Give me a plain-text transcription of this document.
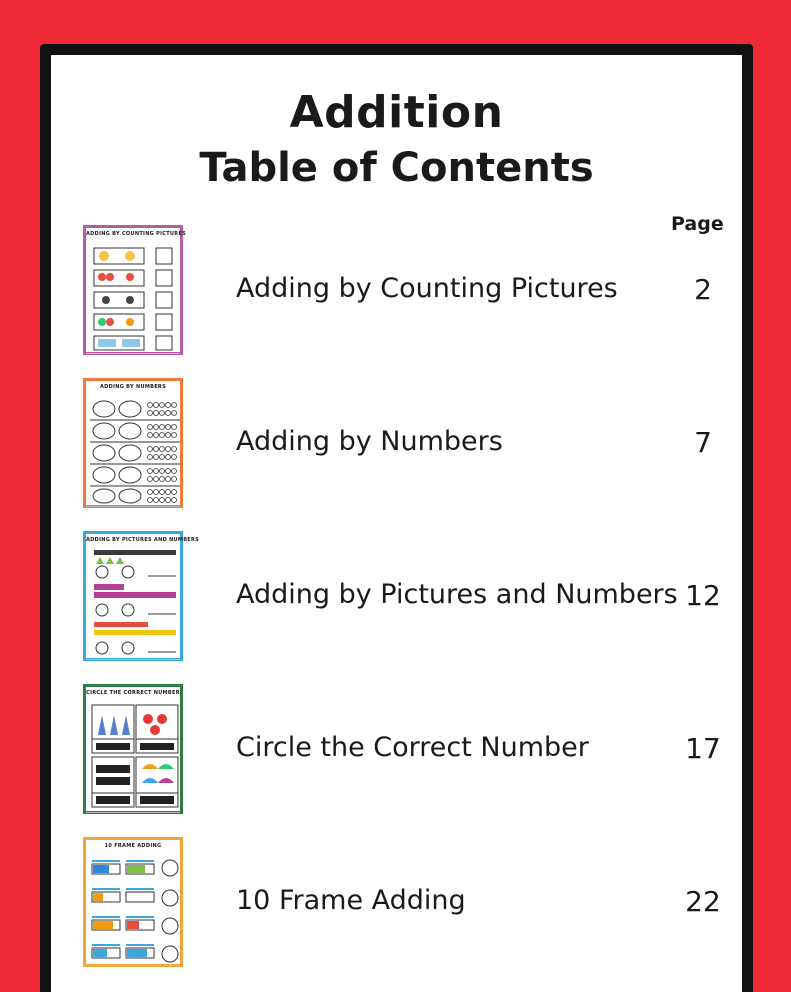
Addition
Table of Contents
Page
ADDING BY COUNTING PICTURES
Adding by Counting Pictures	2
ADDING BY NUMBERS
Adding by Numbers	7
ADDING BY PICTURES AND NUMBERS
Adding by Pictures and Numbers 12
CIRCLE THE CORRECT NUMBER
Circle the Correct Number	17
10 FRAME ADDING
10 Frame Adding	22
